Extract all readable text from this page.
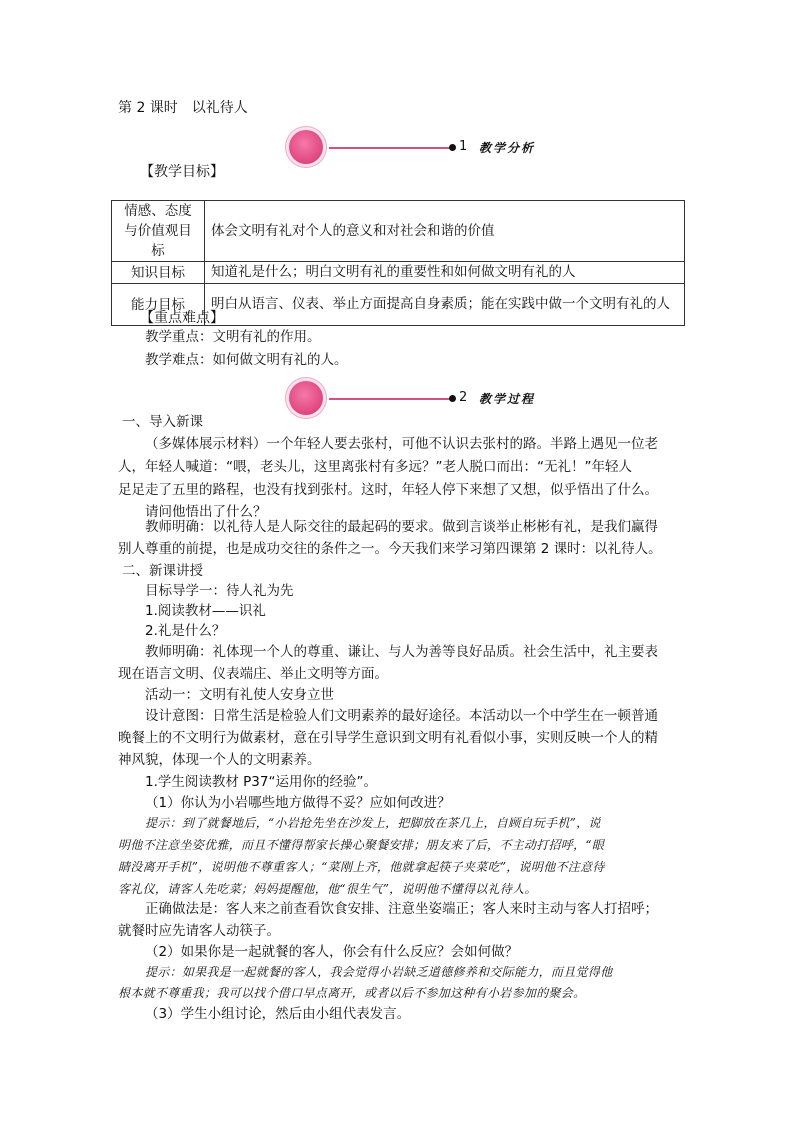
第 2 课时　以礼待人
1 教学分析
【教学目标】
情感、态度与价值观目标	体会文明有礼对个人的意义和对社会和谐的价值
知识目标	知道礼是什么；明白文明有礼的重要性和如何做文明有礼的人
能力目标	明白从语言、仪表、举止方面提高自身素质；能在实践中做一个文明有礼的人
【重点难点】
教学重点：文明有礼的作用。
教学难点：如何做文明有礼的人。
2 教学过程
一、导入新课
（多媒体展示材料）一个年轻人要去张村，可他不认识去张村的路。半路上遇见一位老
人，年轻人喊道：“喂，老头儿，这里离张村有多远？”老人脱口而出：“无礼！”年轻人
足足走了五里的路程，也没有找到张村。这时，年轻人停下来想了又想，似乎悟出了什么。
请问他悟出了什么？
教师明确：以礼待人是人际交往的最起码的要求。做到言谈举止彬彬有礼，是我们赢得
别人尊重的前提，也是成功交往的条件之一。今天我们来学习第四课第 2 课时：以礼待人。
二、新课讲授
目标导学一：待人礼为先
1.阅读教材——识礼
2.礼是什么？
教师明确：礼体现一个人的尊重、谦让、与人为善等良好品质。社会生活中，礼主要表
现在语言文明、仪表端庄、举止文明等方面。
活动一：文明有礼使人安身立世
设计意图：日常生活是检验人们文明素养的最好途径。本活动以一个中学生在一顿普通
晚餐上的不文明行为做素材，意在引导学生意识到文明有礼看似小事，实则反映一个人的精
神风貌，体现一个人的文明素养。
1.学生阅读教材 P37“运用你的经验”。
（1）你认为小岩哪些地方做得不妥？应如何改进？
提示：到了就餐地后，“小岩抢先坐在沙发上，把脚放在茶几上，自顾自玩手机”，说
明他不注意坐姿优雅，而且不懂得帮家长操心聚餐安排；朋友来了后，不主动打招呼，“眼
睛没离开手机”，说明他不尊重客人；“菜刚上齐，他就拿起筷子夹菜吃”，说明他不注意待
客礼仪，请客人先吃菜；妈妈提醒他，他“很生气”，说明他不懂得以礼待人。
正确做法是：客人来之前查看饮食安排、注意坐姿端正；客人来时主动与客人打招呼；
就餐时应先请客人动筷子。
（2）如果你是一起就餐的客人，你会有什么反应？会如何做？
提示：如果我是一起就餐的客人，我会觉得小岩缺乏道德修养和交际能力，而且觉得他
根本就不尊重我；我可以找个借口早点离开，或者以后不参加这种有小岩参加的聚会。
（3）学生小组讨论，然后由小组代表发言。
